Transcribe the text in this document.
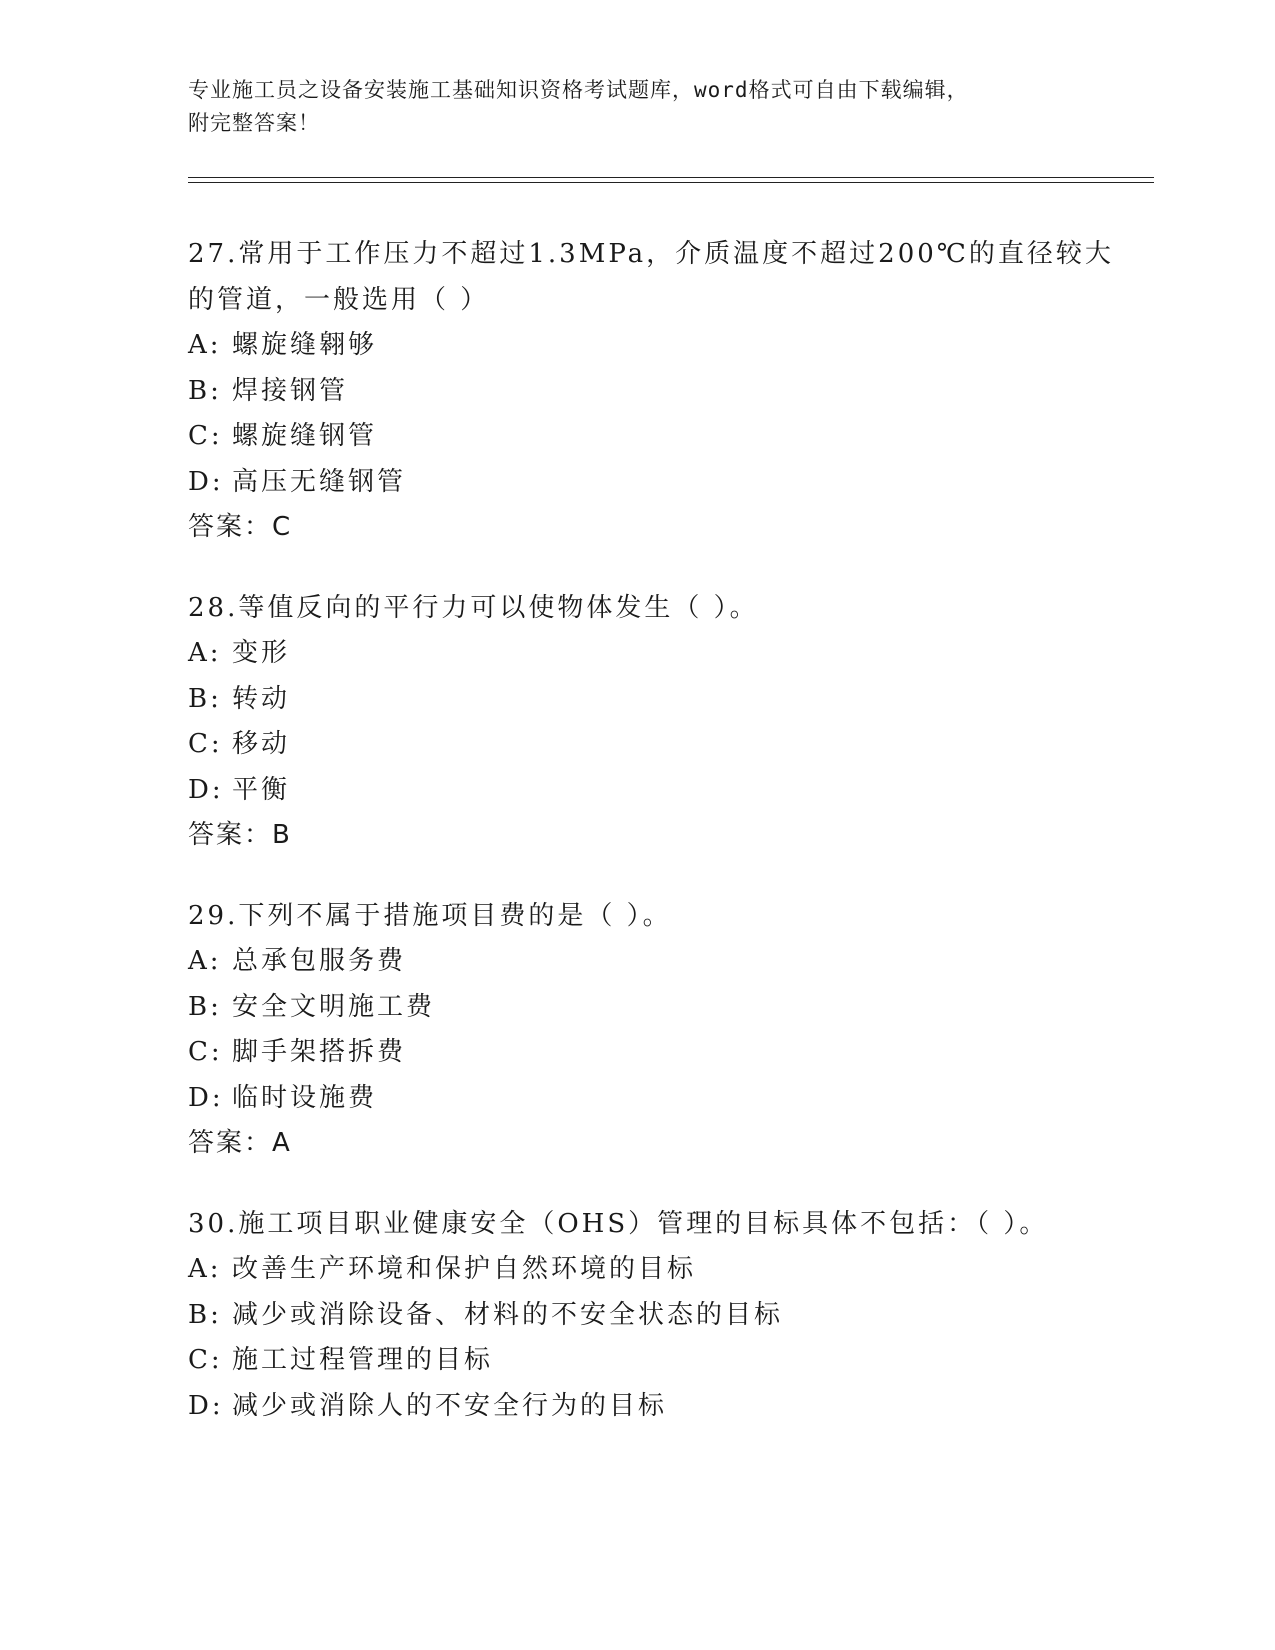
专业施工员之设备安装施工基础知识资格考试题库，word格式可自由下载编辑，
附完整答案！
27.常用于工作压力不超过1.3MPa，介质温度不超过200℃的直径较大
的管道，一般选用（ ）
A: 螺旋缝翱够
B: 焊接钢管
C: 螺旋缝钢管
D: 高压无缝钢管
答案：C
28.等值反向的平行力可以使物体发生（ ）。
A: 变形
B: 转动
C: 移动
D: 平衡
答案：B
29.下列不属于措施项目费的是（ ）。
A: 总承包服务费
B: 安全文明施工费
C: 脚手架搭拆费
D: 临时设施费
答案：A
30.施工项目职业健康安全（OHS）管理的目标具体不包括：（ ）。
A: 改善生产环境和保护自然环境的目标
B: 减少或消除设备、材料的不安全状态的目标
C: 施工过程管理的目标
D: 减少或消除人的不安全行为的目标
